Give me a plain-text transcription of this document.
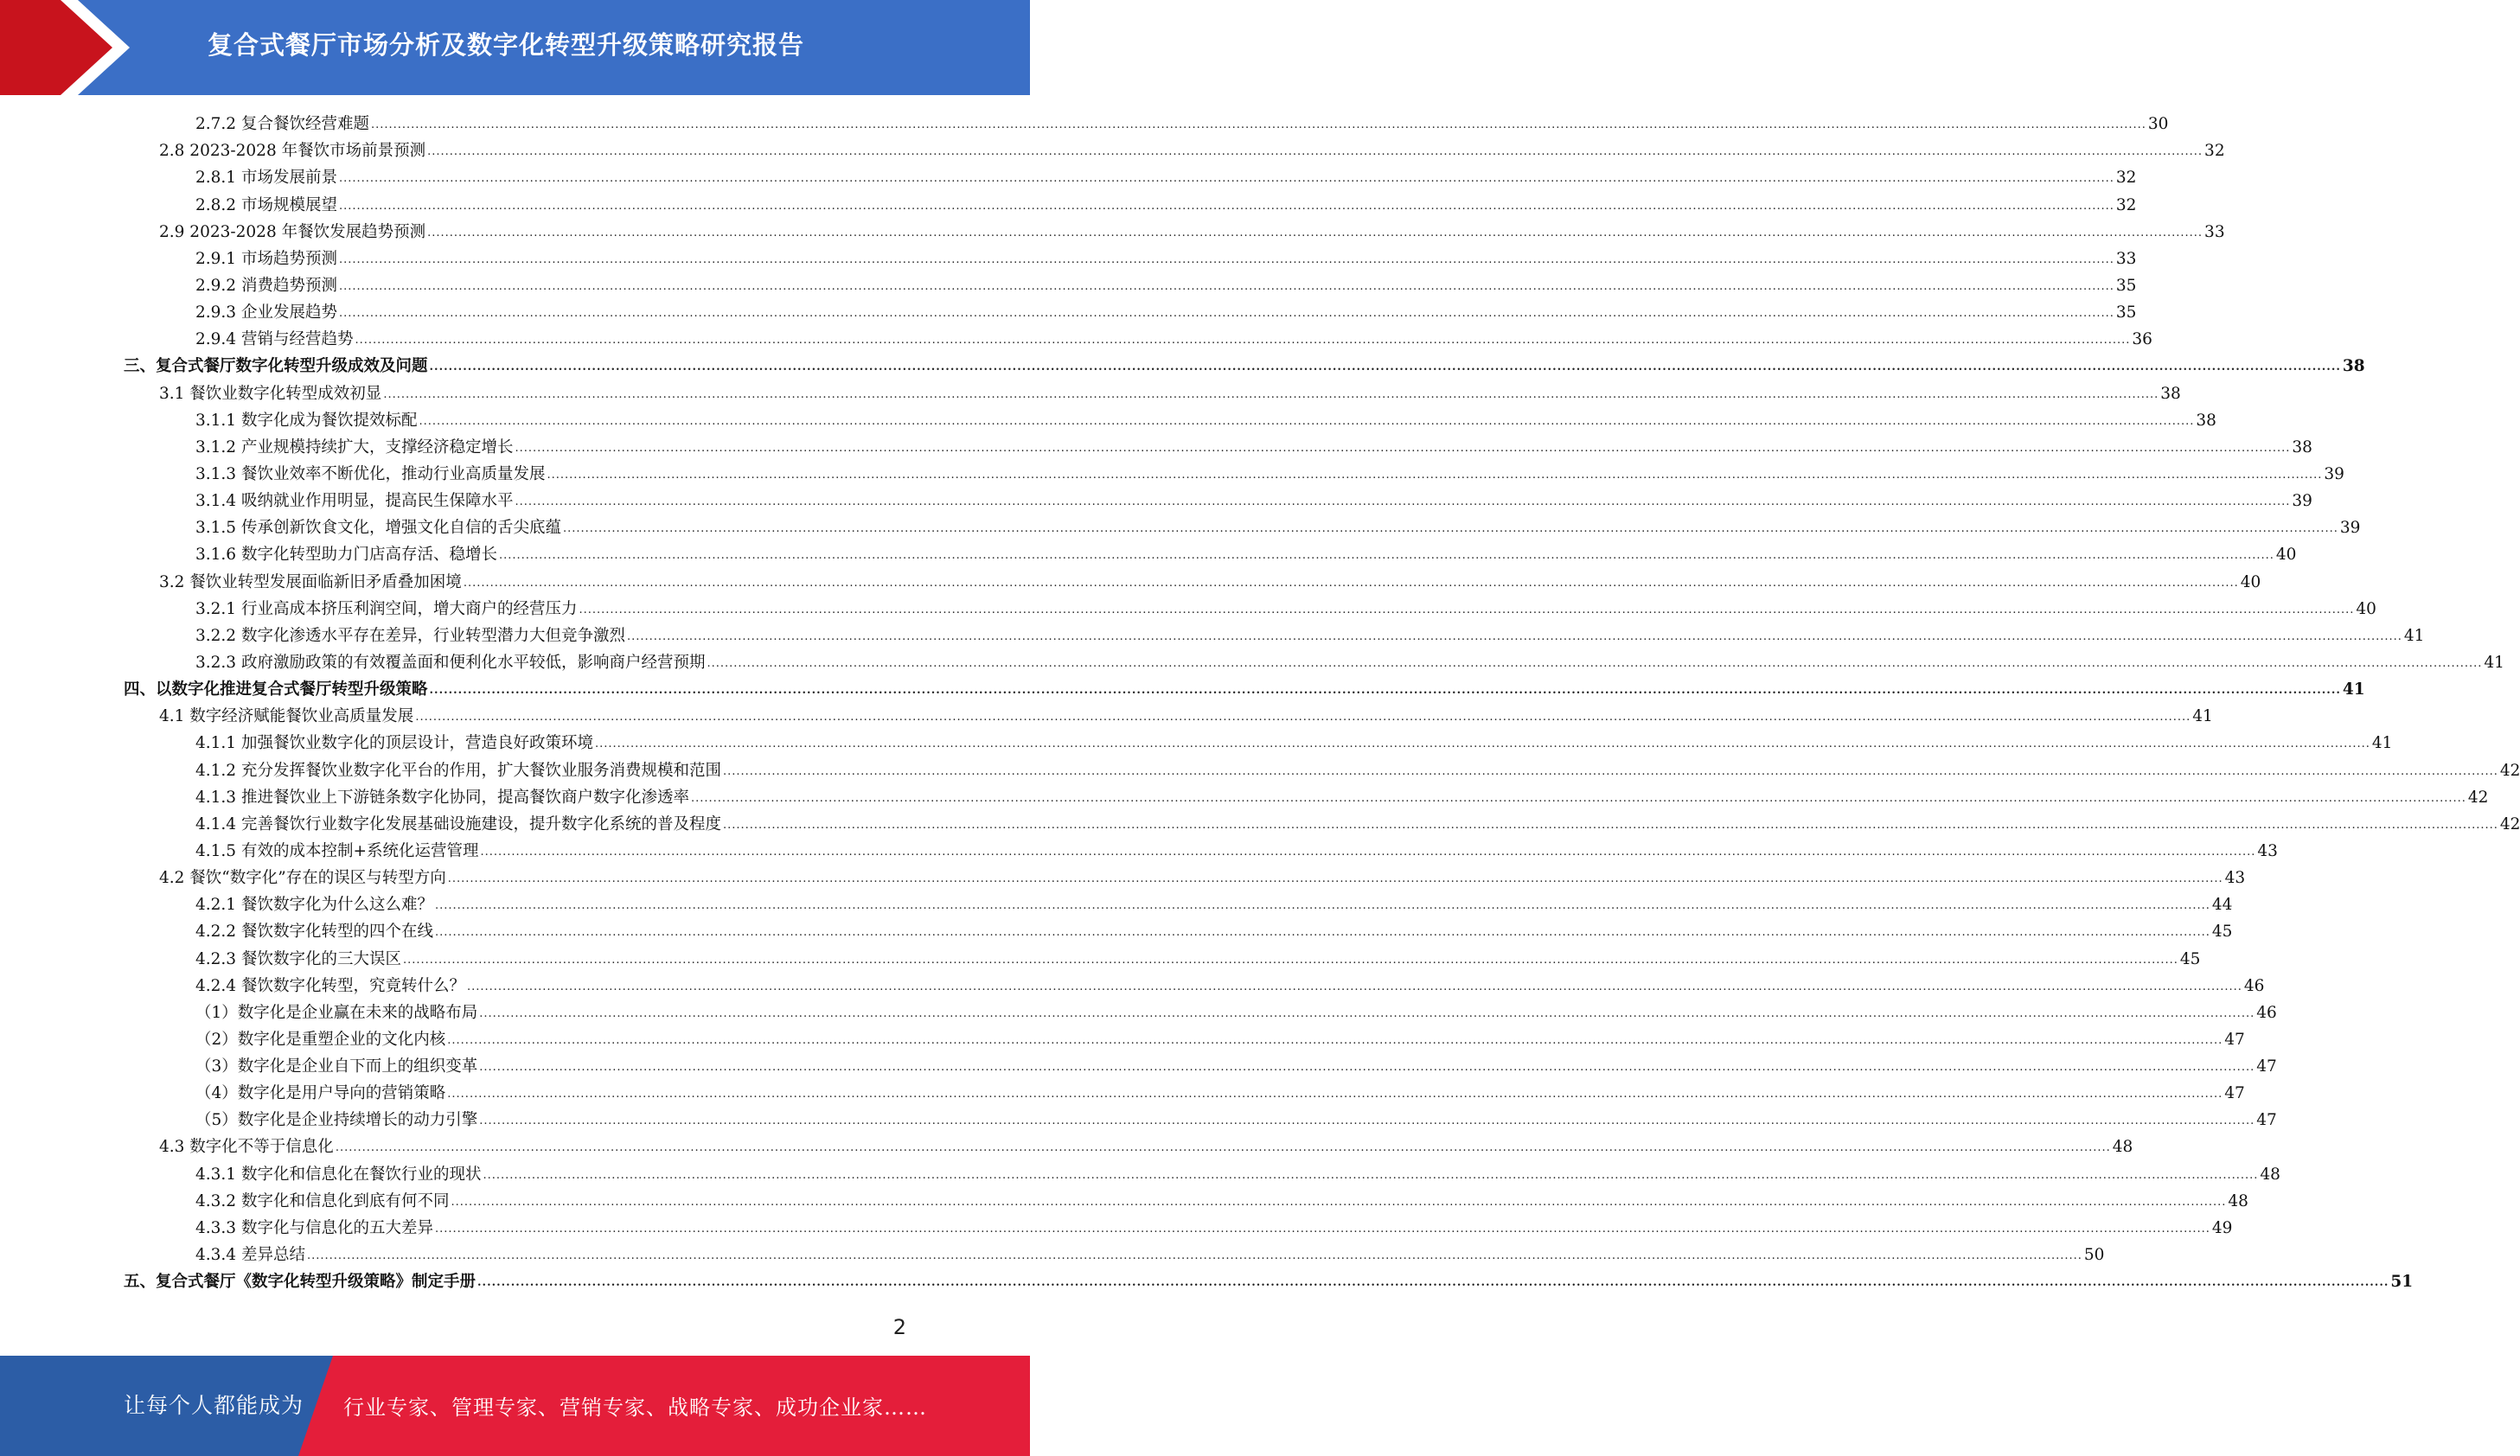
复合式餐厅市场分析及数字化转型升级策略研究报告
2.7.2 复合餐饮经营难题 ................................................................................................................................................................................................................................................................................................................................................................................................................ 30
2.8 2023-2028 年餐饮市场前景预测 ................................................................................................................................................................................................................................................................................................................................................................................................................ 32
2.8.1 市场发展前景 ................................................................................................................................................................................................................................................................................................................................................................................................................ 32
2.8.2 市场规模展望 ................................................................................................................................................................................................................................................................................................................................................................................................................ 32
2.9 2023-2028 年餐饮发展趋势预测 ................................................................................................................................................................................................................................................................................................................................................................................................................ 33
2.9.1 市场趋势预测 ................................................................................................................................................................................................................................................................................................................................................................................................................ 33
2.9.2 消费趋势预测 ................................................................................................................................................................................................................................................................................................................................................................................................................ 35
2.9.3 企业发展趋势 ................................................................................................................................................................................................................................................................................................................................................................................................................ 35
2.9.4 营销与经营趋势 ................................................................................................................................................................................................................................................................................................................................................................................................................ 36
三、复合式餐厅数字化转型升级成效及问题 ................................................................................................................................................................................................................................................................................................................................................................................................................ 38
3.1 餐饮业数字化转型成效初显 ................................................................................................................................................................................................................................................................................................................................................................................................................ 38
3.1.1 数字化成为餐饮提效标配 ................................................................................................................................................................................................................................................................................................................................................................................................................ 38
3.1.2 产业规模持续扩大，支撑经济稳定增长 ................................................................................................................................................................................................................................................................................................................................................................................................................ 38
3.1.3 餐饮业效率不断优化，推动行业高质量发展 ................................................................................................................................................................................................................................................................................................................................................................................................................ 39
3.1.4 吸纳就业作用明显，提高民生保障水平 ................................................................................................................................................................................................................................................................................................................................................................................................................ 39
3.1.5 传承创新饮食文化，增强文化自信的舌尖底蕴 ................................................................................................................................................................................................................................................................................................................................................................................................................ 39
3.1.6 数字化转型助力门店高存活、稳增长 ................................................................................................................................................................................................................................................................................................................................................................................................................ 40
3.2 餐饮业转型发展面临新旧矛盾叠加困境 ................................................................................................................................................................................................................................................................................................................................................................................................................ 40
3.2.1 行业高成本挤压利润空间，增大商户的经营压力 ................................................................................................................................................................................................................................................................................................................................................................................................................ 40
3.2.2 数字化渗透水平存在差异，行业转型潜力大但竞争激烈 ................................................................................................................................................................................................................................................................................................................................................................................................................ 41
3.2.3 政府激励政策的有效覆盖面和便利化水平较低，影响商户经营预期 ................................................................................................................................................................................................................................................................................................................................................................................................................ 41
四、以数字化推进复合式餐厅转型升级策略 ................................................................................................................................................................................................................................................................................................................................................................................................................ 41
4.1 数字经济赋能餐饮业高质量发展 ................................................................................................................................................................................................................................................................................................................................................................................................................ 41
4.1.1 加强餐饮业数字化的顶层设计，营造良好政策环境 ................................................................................................................................................................................................................................................................................................................................................................................................................ 41
4.1.2 充分发挥餐饮业数字化平台的作用，扩大餐饮业服务消费规模和范围 ................................................................................................................................................................................................................................................................................................................................................................................................................ 42
4.1.3 推进餐饮业上下游链条数字化协同，提高餐饮商户数字化渗透率 ................................................................................................................................................................................................................................................................................................................................................................................................................ 42
4.1.4 完善餐饮行业数字化发展基础设施建设，提升数字化系统的普及程度 ................................................................................................................................................................................................................................................................................................................................................................................................................ 42
4.1.5 有效的成本控制+系统化运营管理 ................................................................................................................................................................................................................................................................................................................................................................................................................ 43
4.2 餐饮“数字化”存在的误区与转型方向 ................................................................................................................................................................................................................................................................................................................................................................................................................ 43
4.2.1 餐饮数字化为什么这么难？ ................................................................................................................................................................................................................................................................................................................................................................................................................ 44
4.2.2 餐饮数字化转型的四个在线 ................................................................................................................................................................................................................................................................................................................................................................................................................ 45
4.2.3 餐饮数字化的三大误区 ................................................................................................................................................................................................................................................................................................................................................................................................................ 45
4.2.4 餐饮数字化转型，究竟转什么？ ................................................................................................................................................................................................................................................................................................................................................................................................................ 46
（1）数字化是企业赢在未来的战略布局 ................................................................................................................................................................................................................................................................................................................................................................................................................ 46
（2）数字化是重塑企业的文化内核 ................................................................................................................................................................................................................................................................................................................................................................................................................ 47
（3）数字化是企业自下而上的组织变革 ................................................................................................................................................................................................................................................................................................................................................................................................................ 47
（4）数字化是用户导向的营销策略 ................................................................................................................................................................................................................................................................................................................................................................................................................ 47
（5）数字化是企业持续增长的动力引擎 ................................................................................................................................................................................................................................................................................................................................................................................................................ 47
4.3 数字化不等于信息化 ................................................................................................................................................................................................................................................................................................................................................................................................................ 48
4.3.1 数字化和信息化在餐饮行业的现状 ................................................................................................................................................................................................................................................................................................................................................................................................................ 48
4.3.2 数字化和信息化到底有何不同 ................................................................................................................................................................................................................................................................................................................................................................................................................ 48
4.3.3 数字化与信息化的五大差异 ................................................................................................................................................................................................................................................................................................................................................................................................................ 49
4.3.4 差异总结 ................................................................................................................................................................................................................................................................................................................................................................................................................ 50
五、复合式餐厅《数字化转型升级策略》制定手册 ................................................................................................................................................................................................................................................................................................................................................................................................................ 51
2
让每个人都能成为 行业专家、管理专家、营销专家、战略专家、成功企业家……
